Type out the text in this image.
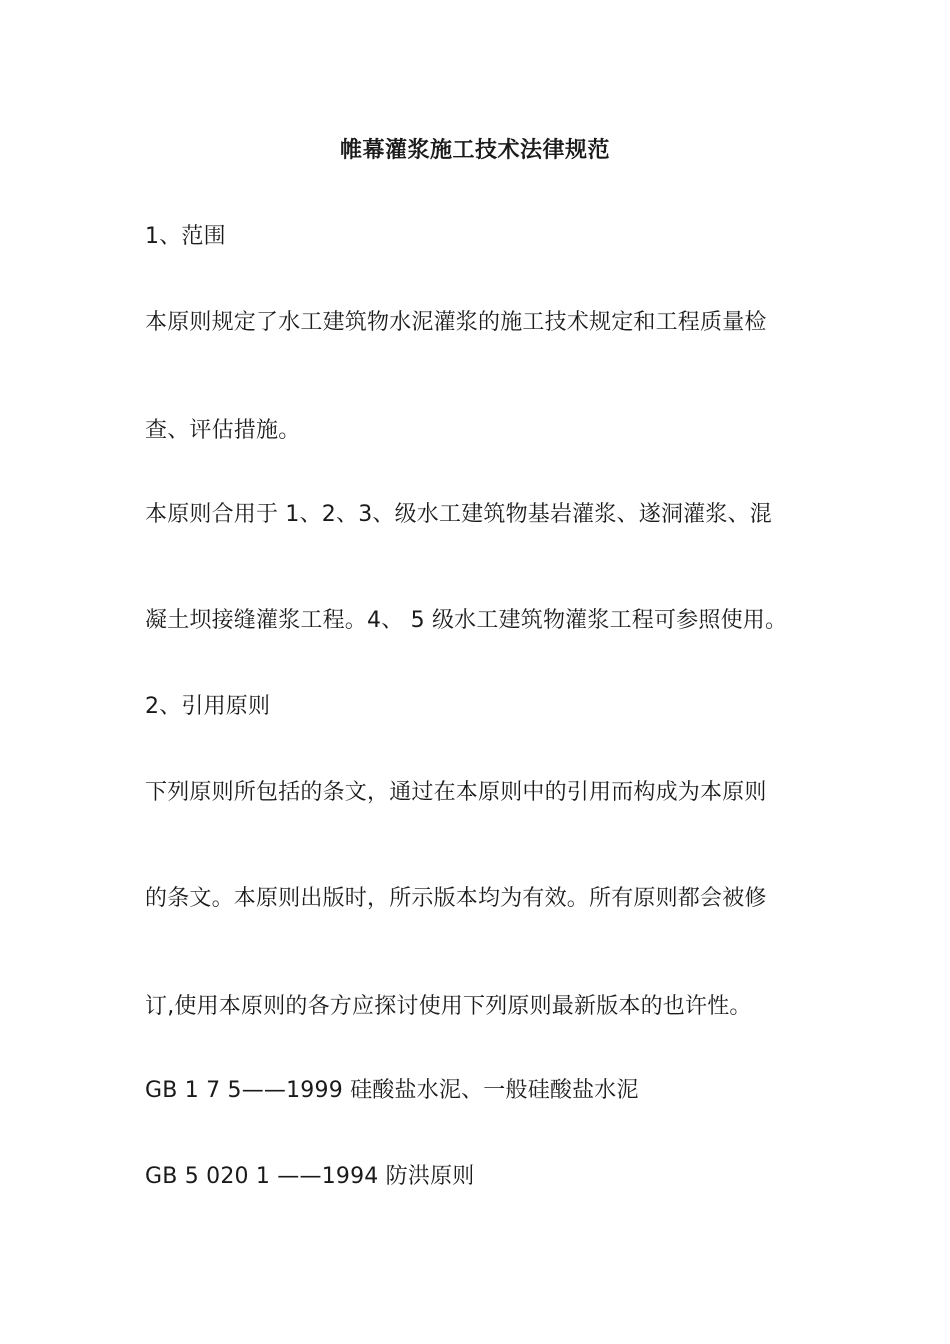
帷幕灌浆施工技术法律规范
1、范围
本原则规定了水工建筑物水泥灌浆的施工技术规定和工程质量检
查、评估措施。
本原则合用于 1、2、3、级水工建筑物基岩灌浆、遂洞灌浆、混
凝土坝接缝灌浆工程。4、 5 级水工建筑物灌浆工程可参照使用。
2、引用原则
下列原则所包括的条文，通过在本原则中的引用而构成为本原则
的条文。本原则出版时，所示版本均为有效。所有原则都会被修
订,使用本原则的各方应探讨使用下列原则最新版本的也许性。
GB 1 7 5——1999 硅酸盐水泥、一般硅酸盐水泥
GB 5 020 1 ——1994 防洪原则
